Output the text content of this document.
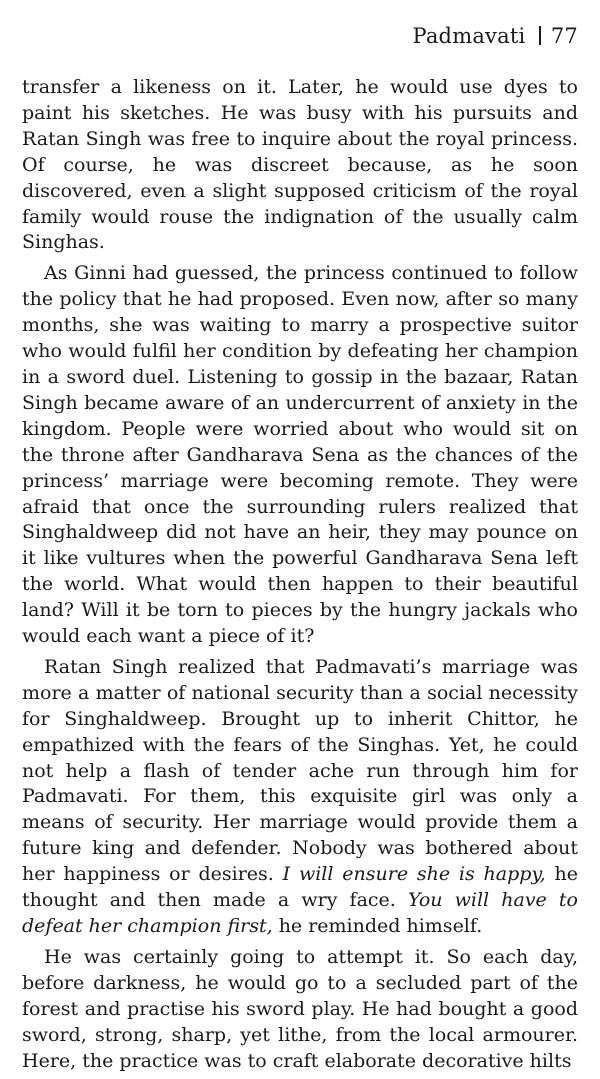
Padmavati 77

transfer a likeness on it. Later, he would use dyes to paint his sketches. He was busy with his pursuits and Ratan Singh was free to inquire about the royal princess. Of course, he was discreet because, as he soon discovered, even a slight supposed criticism of the royal family would rouse the indignation of the usually calm Singhas.

As Ginni had guessed, the princess continued to follow the policy that he had proposed. Even now, after so many months, she was waiting to marry a prospective suitor who would fulfil her condition by defeating her champion in a sword duel. Listening to gossip in the bazaar, Ratan Singh became aware of an undercurrent of anxiety in the kingdom. People were worried about who would sit on the throne after Gandharava Sena as the chances of the princess’ marriage were becoming remote. They were afraid that once the surrounding rulers realized that Singhaldweep did not have an heir, they may pounce on it like vultures when the powerful Gandharava Sena left the world. What would then happen to their beautiful land? Will it be torn to pieces by the hungry jackals who would each want a piece of it?

Ratan Singh realized that Padmavati’s marriage was more a matter of national security than a social necessity for Singhaldweep. Brought up to inherit Chittor, he empathized with the fears of the Singhas. Yet, he could not help a flash of tender ache run through him for Padmavati. For them, this exquisite girl was only a means of security. Her marriage would provide them a future king and defender. Nobody was bothered about her happiness or desires. I will ensure she is happy, he thought and then made a wry face. You will have to defeat her champion first, he reminded himself.

He was certainly going to attempt it. So each day, before darkness, he would go to a secluded part of the forest and practise his sword play. He had bought a good sword, strong, sharp, yet lithe, from the local armourer. Here, the practice was to craft elaborate decorative hilts
